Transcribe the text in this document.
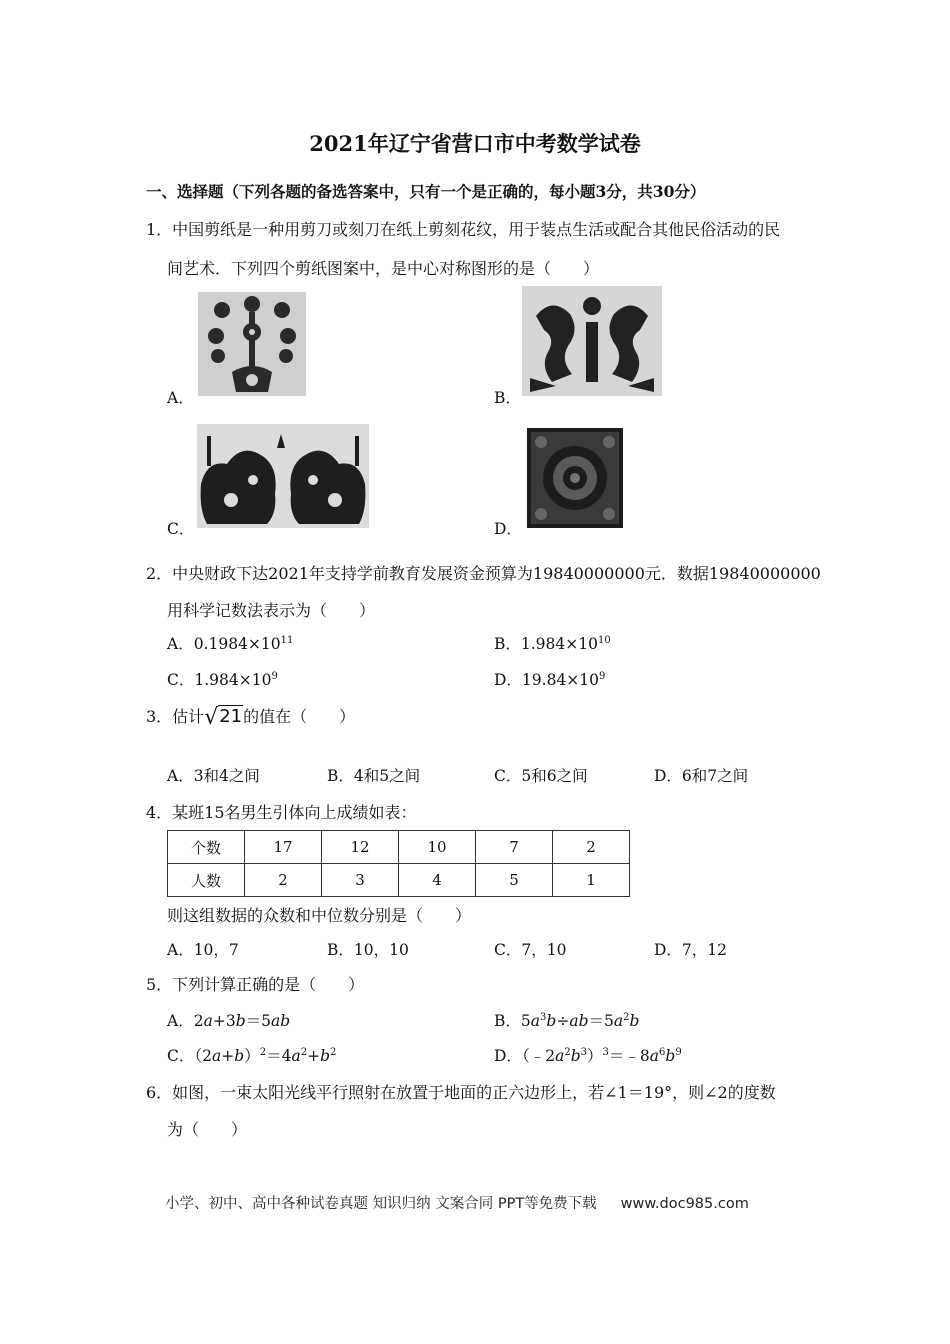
2021年辽宁省营口市中考数学试卷
一、选择题（下列各题的备选答案中，只有一个是正确的，每小题3分，共30分）
1．中国剪纸是一种用剪刀或刻刀在纸上剪刻花纹，用于装点生活或配合其他民俗活动的民
间艺术．下列四个剪纸图案中，是中心对称图形的是（　　）
A．	B．
C．	D．
2．中央财政下达2021年支持学前教育发展资金预算为19840000000元．数据19840000000
用科学记数法表示为（　　）
A．$0.1984\times 10^{11}$	B．$1.984\times 10^{10}$
C．$1.984\times 10^9$	D．$19.84\times 10^9$
3．估计√21的值在（　　）
A．3和4之间	B．4和5之间	C．5和6之间	D．6和7之间
4．某班15名男生引体向上成绩如表：
个数	17	12	10	7	2
人数	2	3	4	5	1
则这组数据的众数和中位数分别是（　　）
A．10，7	B．10，10	C．7，10	D．7，12
5．下列计算正确的是（　　）
A．2a+3b＝5ab	B．$5a^3b\div ab=5a^2b$
C．$(2a+b)^2=4a^2+b^2$	D．$(﹣2a^2b^3)^3=﹣8a^6b^9$
6．如图，一束太阳光线平行照射在放置于地面的正六边形上，若∠1＝19°，则∠2的度数
为（　　）
小学、初中、高中各种试卷真题 知识归纳 文案合同 PPT等免费下载 www.doc985.com
